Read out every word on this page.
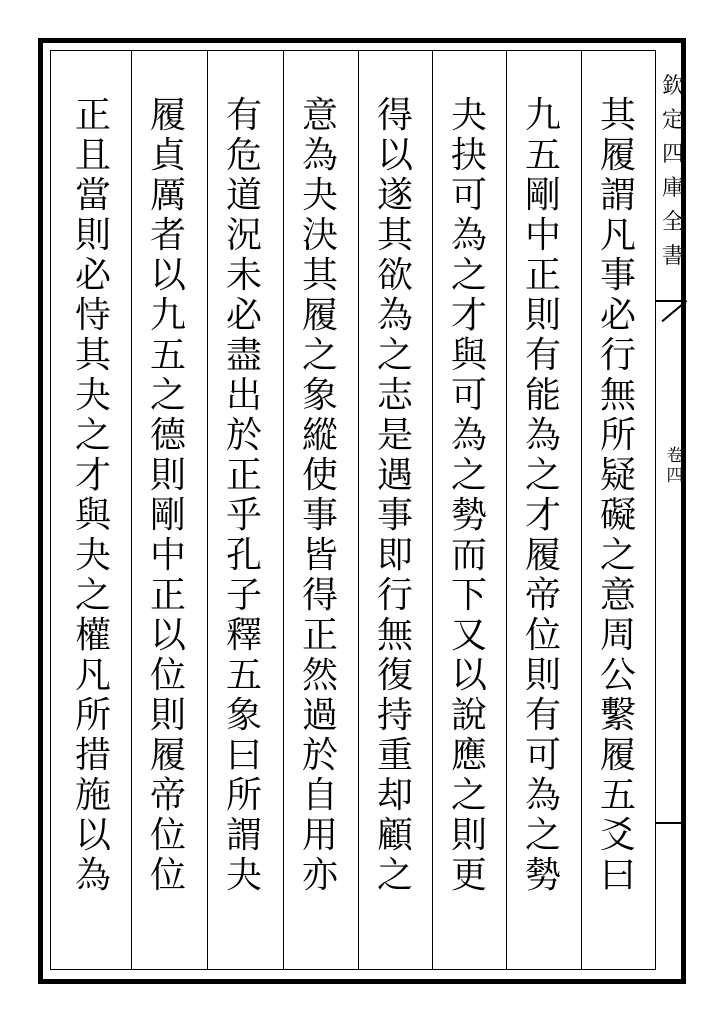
其
履
謂
凡
事
必
行
無
所
疑
礙
之
意
周
公
繫
履
五
爻
曰
九
五
剛
中
正
則
有
能
為
之
才
履
帝
位
則
有
可
為
之
勢
夬
抉
可
為
之
才
與
可
為
之
勢
而
下
又
以
說
應
之
則
更
得
以
遂
其
欲
為
之
志
是
遇
事
即
行
無
復
持
重
却
顧
之
意
為
夬
決
其
履
之
象
縱
使
事
皆
得
正
然
過
於
自
用
亦
有
危
道
況
未
必
盡
出
於
正
乎
孔
子
釋
五
象
曰
所
謂
夬
履
貞
厲
者
以
九
五
之
德
則
剛
中
正
以
位
則
履
帝
位
位
正
且
當
則
必
恃
其
夬
之
才
與
夬
之
權
凡
所
措
施
以
為
欽
定
四
庫
全
書
卷
四
